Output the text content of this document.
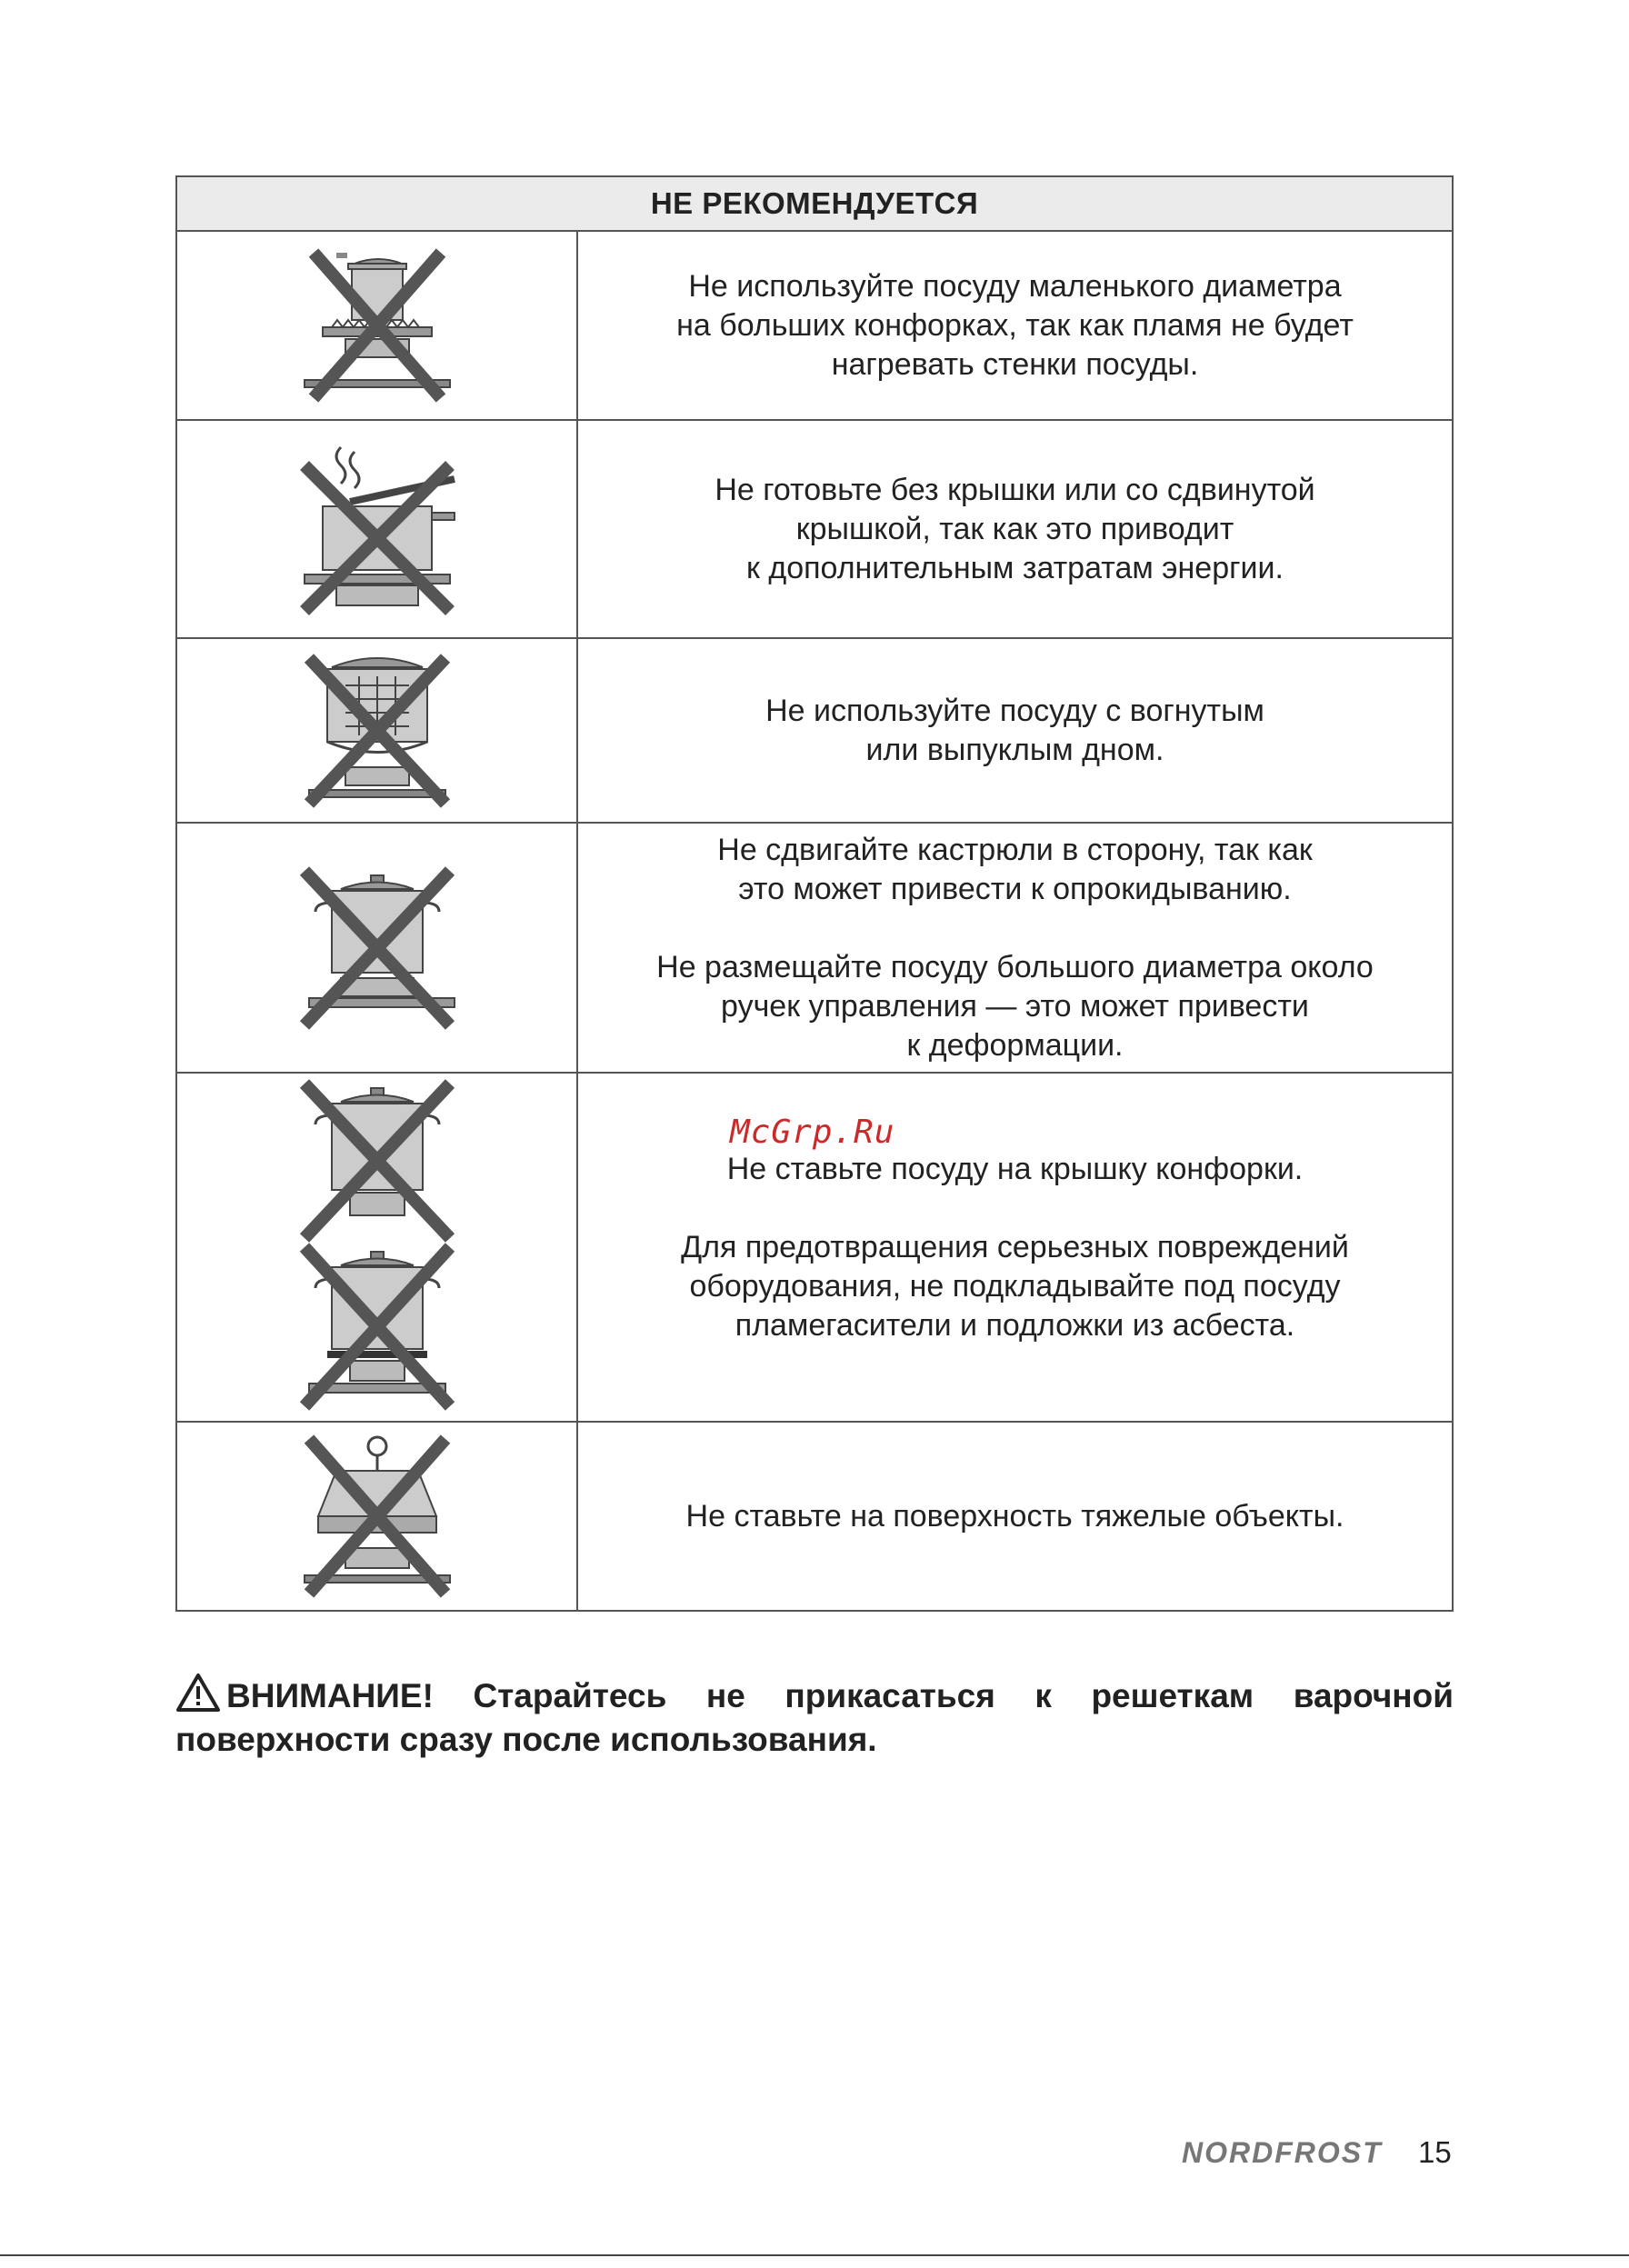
НЕ РЕКОМЕНДУЕТСЯ

Не используйте посуду маленького диаметра
на больших конфорках, так как пламя не будет
нагревать стенки посуды.

Не готовьте без крышки или со сдвинутой
крышкой, так как это приводит
к дополнительным затратам энергии.

Не используйте посуду с вогнутым
или выпуклым дном.

Не сдвигайте кастрюли в сторону, так как
это может привести к опрокидыванию.

Не размещайте посуду большого диаметра около
ручек управления — это может привести
к деформации.

Не ставьте посуду на крышку конфорки.

Для предотвращения серьезных повреждений
оборудования, не подкладывайте под посуду
пламегасители и подложки из асбеста.

Не ставьте на поверхность тяжелые объекты.

McGrp.Ru
ВНИМАНИЕ! Старайтесь не прикасаться к решеткам варочной поверхности сразу после использования.
NORDFROST 15
